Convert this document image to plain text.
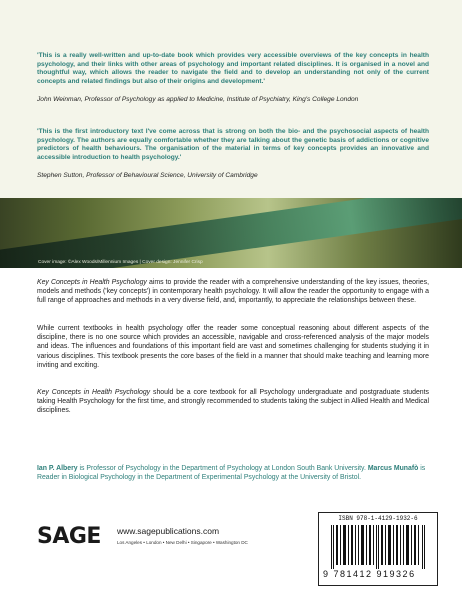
'This is a really well-written and up-to-date book which provides very accessible overviews of the key concepts in health psychology, and their links with other areas of psychology and important related disciplines. It is organised in a novel and thoughtful way, which allows the reader to navigate the field and to develop an understanding not only of the current concepts and related findings but also of their origins and development.'
John Weinman, Professor of Psychology as applied to Medicine, Institute of Psychiatry, King's College London
'This is the first introductory text I've come across that is strong on both the bio- and the psychosocial aspects of health psychology. The authors are equally comfortable whether they are talking about the genetic basis of addictions or cognitive predictors of health behaviours. The organisation of the material in terms of key concepts provides an innovative and accessible introduction to health psychology.'
Stephen Sutton, Professor of Behavioural Science, University of Cambridge
Cover image: ©Alex Woods/Millennium Images | Cover design: Jennifer Crisp
Key Concepts in Health Psychology aims to provide the reader with a comprehensive understanding of the key issues, theories, models and methods ('key concepts') in contemporary health psychology. It will allow the reader the opportunity to engage with a full range of approaches and methods in a very diverse field, and, importantly, to appreciate the relationships between these.
While current textbooks in health psychology offer the reader some conceptual reasoning about different aspects of the discipline, there is no one source which provides an accessible, navigable and cross-referenced analysis of the major models and ideas. The influences and foundations of this important field are vast and sometimes challenging for students studying it in various disciplines. This textbook presents the core bases of the field in a manner that should make teaching and learning more inviting and exciting.
Key Concepts in Health Psychology should be a core textbook for all Psychology undergraduate and postgraduate students taking Health Psychology for the first time, and strongly recommended to students taking the subject in Allied Health and Medical disciplines.
Ian P. Albery is Professor of Psychology in the Department of Psychology at London South Bank University. Marcus Munafò is Reader in Biological Psychology in the Department of Experimental Psychology at the University of Bristol.
SAGE www.sagepublications.com
Los Angeles • London • New Delhi • Singapore • Washington DC
ISBN 978-1-4129-1932-6
9 781412 919326
